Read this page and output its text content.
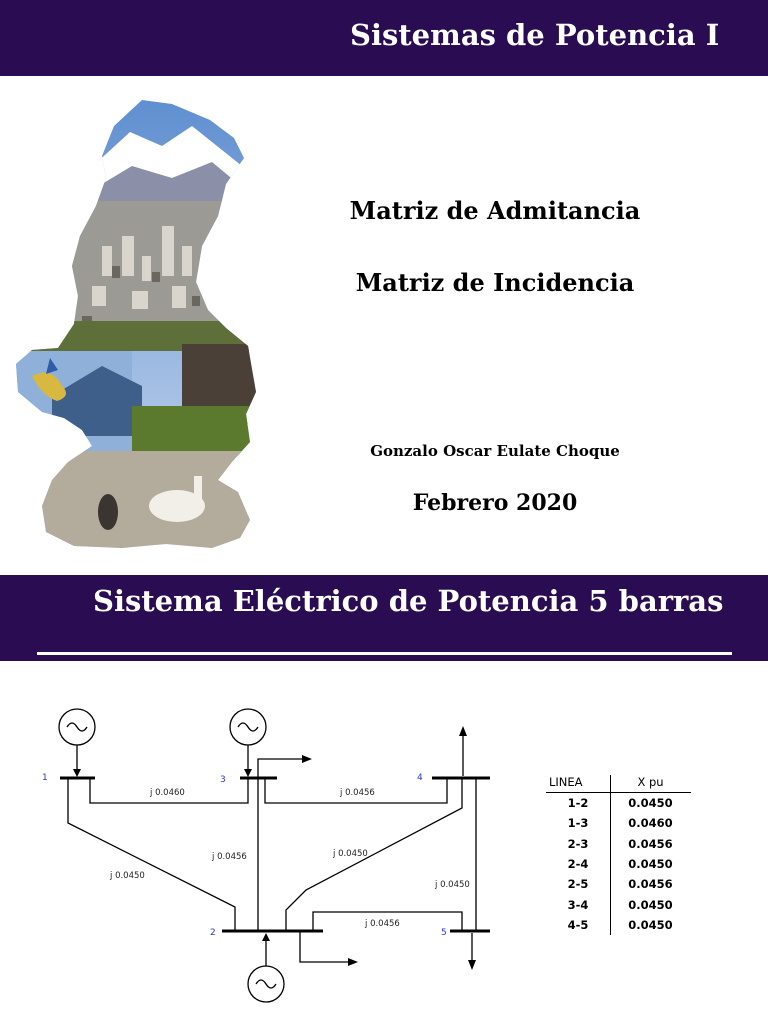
Sistemas de Potencia I
Matriz de Admitancia
Matriz de Incidencia
Gonzalo Oscar Eulate Choque
Febrero 2020
Sistema Eléctrico de Potencia 5 barras
1
2
3	4
5
j 0.0460	j 0.0456
j 0.0450
j 0.0456	j 0.0450
j 0.0450
j 0.0456
LINEA	X pu
1-2	0.0450
1-3	0.0460
2-3	0.0456
2-4	0.0450
2-5	0.0456
3-4	0.0450
4-5	0.0450
